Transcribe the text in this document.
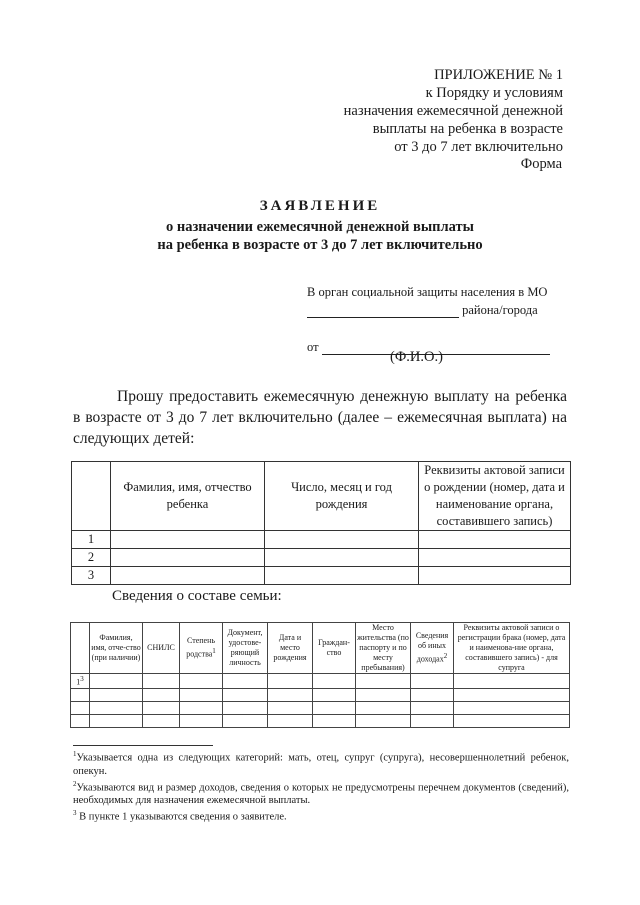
ПРИЛОЖЕНИЕ № 1
к Порядку и условиям
назначения ежемесячной денежной
выплаты на ребенка в возрасте
от 3 до 7 лет включительно
Форма
ЗАЯВЛЕНИЕ
о назначении ежемесячной денежной выплаты
на ребенка в возрасте от 3 до 7 лет включительно
В орган социальной защиты населения в МО
района/города
от
(Ф.И.О.)
Прошу предоставить ежемесячную денежную выплату на ребенка в возрасте от 3 до 7 лет включительно (далее – ежемесячная выплата) на следующих детей:
	Фамилия, имя, отчество ребенка	Число, месяц и год рождения	Реквизиты актовой записи о рождении (номер, дата и наименование органа, составившего запись)
1			
2			
3			
Сведения о составе семьи:
	Фамилия, имя, отче-ство (при наличии)	СНИЛС	Степень родства$^1$	Документ, удостове-ряющий личность	Дата и место рождения	Граждан-ство	Место жительства (по паспорту и по месту пребывания)	Сведения об иных доходах$^2$	Реквизиты актовой записи о регистрации брака (номер, дата и наименова-ние органа, составившего запись) - для супруга
$1^3$									

$^1$Указывается одна из следующих категорий: мать, отец, супруг (супруга), несовершеннолетний ребенок, опекун.

$^2$Указываются вид и размер доходов, сведения о которых не предусмотрены перечнем документов (сведений), необходимых для назначения ежемесячной выплаты.

$^3$ В пункте 1 указываются сведения о заявителе.
